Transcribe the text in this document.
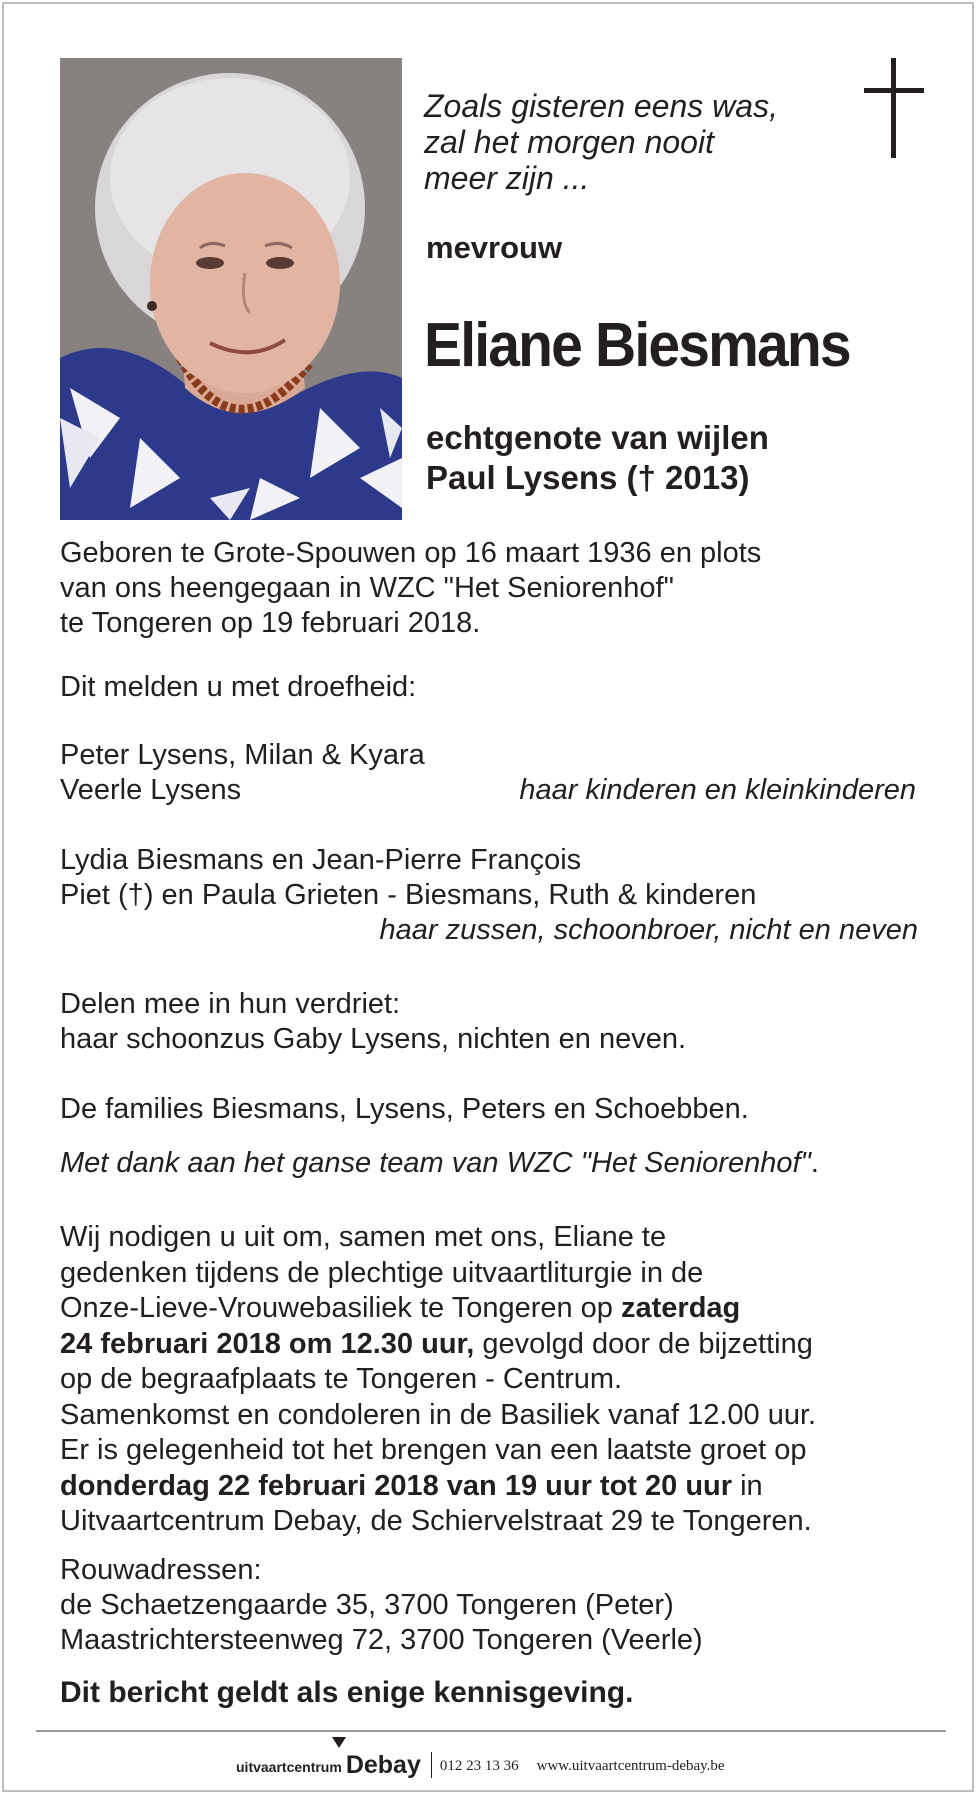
Zoals gisteren eens was,
zal het morgen nooit
meer zijn ...
mevrouw
Eliane Biesmans
echtgenote van wijlen
Paul Lysens († 2013)
Geboren te Grote-Spouwen op 16 maart 1936 en plots
van ons heengegaan in WZC "Het Seniorenhof"
te Tongeren op 19 februari 2018.
Dit melden u met droefheid:
Peter Lysens, Milan & Kyara
Veerle Lysens	haar kinderen en kleinkinderen
Lydia Biesmans en Jean-Pierre François
Piet (†) en Paula Grieten - Biesmans, Ruth & kinderen
haar zussen, schoonbroer, nicht en neven
Delen mee in hun verdriet:
haar schoonzus Gaby Lysens, nichten en neven.
De families Biesmans, Lysens, Peters en Schoebben.
Met dank aan het ganse team van WZC "Het Seniorenhof".
Wij nodigen u uit om, samen met ons, Eliane te
gedenken tijdens de plechtige uitvaartliturgie in de
Onze-Lieve-Vrouwebasiliek te Tongeren op zaterdag
24 februari 2018 om 12.30 uur, gevolgd door de bijzetting
op de begraafplaats te Tongeren - Centrum.
Samenkomst en condoleren in de Basiliek vanaf 12.00 uur.
Er is gelegenheid tot het brengen van een laatste groet op
donderdag 22 februari 2018 van 19 uur tot 20 uur in
Uitvaartcentrum Debay, de Schiervelstraat 29 te Tongeren.
Rouwadressen:
de Schaetzengaarde 35, 3700 Tongeren (Peter)
Maastrichtersteenweg 72, 3700 Tongeren (Veerle)
Dit bericht geldt als enige kennisgeving.
uitvaartcentrum Debay 012 23 13 36 www.uitvaartcentrum-debay.be
